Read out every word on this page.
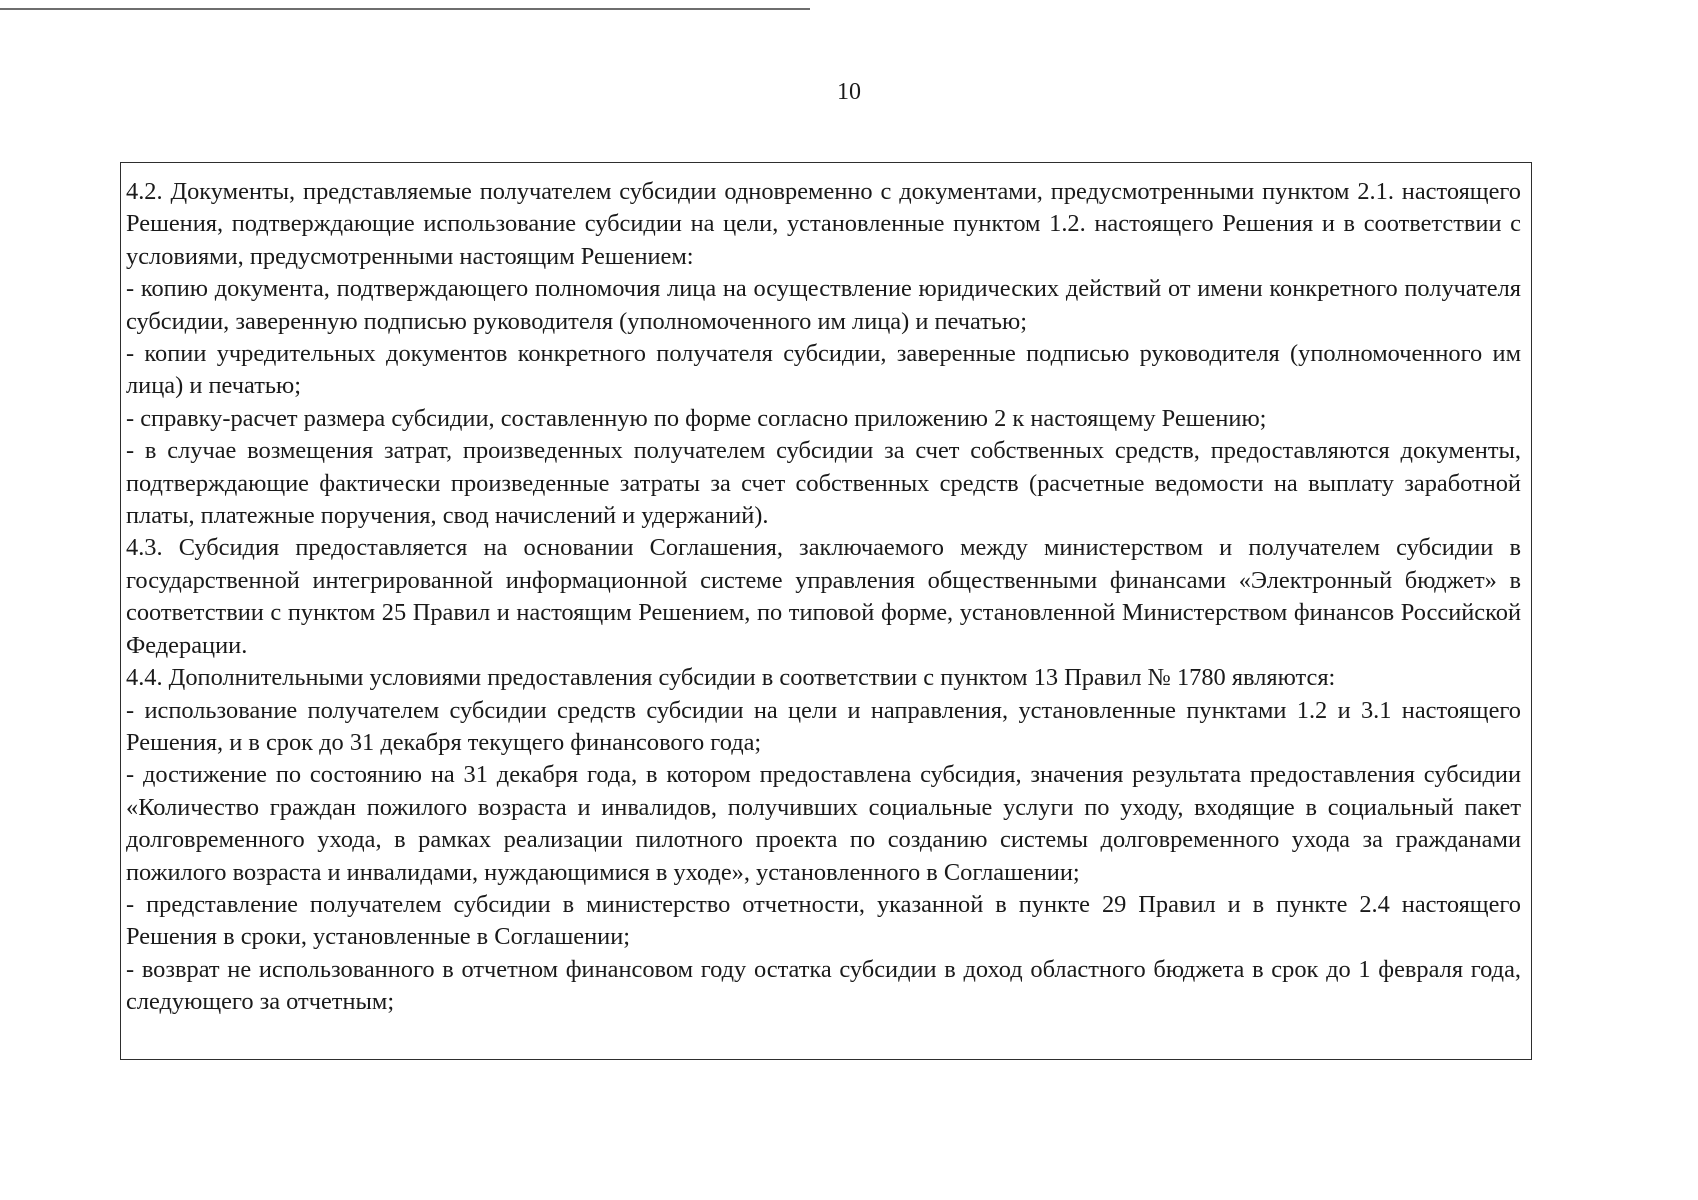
10

4.2. Документы, представляемые получателем субсидии одновременно с документами, предусмотренными пунктом 2.1. настоящего Решения, подтверждающие использование субсидии на цели, установленные пунктом 1.2. настоящего Решения и в соответствии с условиями, предусмотренными настоящим Решением:

- копию документа, подтверждающего полномочия лица на осуществление юридических действий от имени конкретного получателя субсидии, заверенную подписью руководителя (уполномоченного им лица) и печатью;

- копии учредительных документов конкретного получателя субсидии, заверенные подписью руководителя (уполномоченного им лица) и печатью;

- справку-расчет размера субсидии, составленную по форме согласно приложению 2 к настоящему Решению;

- в случае возмещения затрат, произведенных получателем субсидии за счет собственных средств, предоставляются документы, подтверждающие фактически произведенные затраты за счет собственных средств (расчетные ведомости на выплату заработной платы, платежные поручения, свод начислений и удержаний).

4.3. Субсидия предоставляется на основании Соглашения, заключаемого между министерством и получателем субсидии в государственной интегрированной информационной системе управления общественными финансами «Электронный бюджет» в соответствии с пунктом 25 Правил и настоящим Решением, по типовой форме, установленной Министерством финансов Российской Федерации.

4.4. Дополнительными условиями предоставления субсидии в соответствии с пунктом 13 Правил № 1780 являются:

- использование получателем субсидии средств субсидии на цели и направления, установленные пунктами 1.2 и 3.1 настоящего Решения, и в срок до 31 декабря текущего финансового года;

- достижение по состоянию на 31 декабря года, в котором предоставлена субсидия, значения результата предоставления субсидии «Количество граждан пожилого возраста и инвалидов, получивших социальные услуги по уходу, входящие в социальный пакет долговременного ухода, в рамках реализации пилотного проекта по созданию системы долговременного ухода за гражданами пожилого возраста и инвалидами, нуждающимися в уходе», установленного в Соглашении;

- представление получателем субсидии в министерство отчетности, указанной в пункте 29 Правил и в пункте 2.4 настоящего Решения в сроки, установленные в Соглашении;

- возврат не использованного в отчетном финансовом году остатка субсидии в доход областного бюджета в срок до 1 февраля года, следующего за отчетным;
